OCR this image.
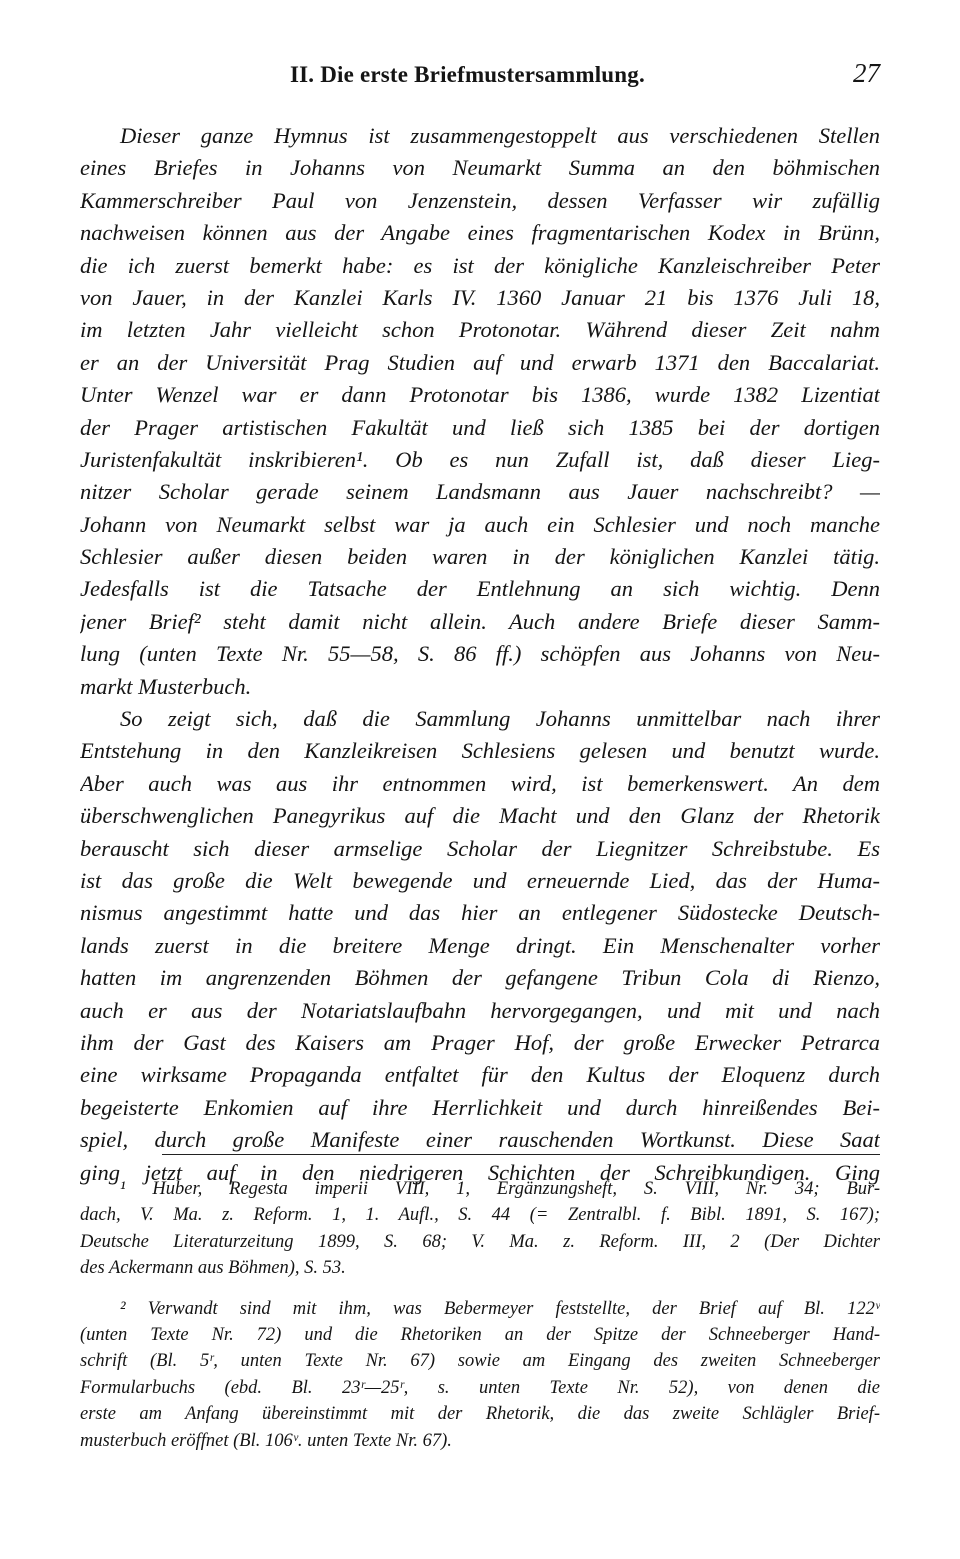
II. Die erste Briefmustersammlung.	27
Dieser ganze Hymnus ist zusammengestoppelt aus verschiedenen Stellen
eines Briefes in Johanns von Neumarkt Summa an den böhmischen
Kammerschreiber Paul von Jenzenstein, dessen Verfasser wir zufällig
nachweisen können aus der Angabe eines fragmentarischen Kodex in Brünn,
die ich zuerst bemerkt habe: es ist der königliche Kanzleischreiber Peter
von Jauer, in der Kanzlei Karls IV. 1360 Januar 21 bis 1376 Juli 18,
im letzten Jahr vielleicht schon Protonotar. Während dieser Zeit nahm
er an der Universität Prag Studien auf und erwarb 1371 den Baccalariat.
Unter Wenzel war er dann Protonotar bis 1386, wurde 1382 Lizentiat
der Prager artistischen Fakultät und ließ sich 1385 bei der dortigen
Juristenfakultät inskribieren¹. Ob es nun Zufall ist, daß dieser Lieg-
nitzer Scholar gerade seinem Landsmann aus Jauer nachschreibt? —
Johann von Neumarkt selbst war ja auch ein Schlesier und noch manche
Schlesier außer diesen beiden waren in der königlichen Kanzlei tätig.
Jedesfalls ist die Tatsache der Entlehnung an sich wichtig. Denn
jener Brief² steht damit nicht allein. Auch andere Briefe dieser Samm-
lung (unten Texte Nr. 55—58, S. 86 ff.) schöpfen aus Johanns von Neu-
markt Musterbuch.
So zeigt sich, daß die Sammlung Johanns unmittelbar nach ihrer
Entstehung in den Kanzleikreisen Schlesiens gelesen und benutzt wurde.
Aber auch was aus ihr entnommen wird, ist bemerkenswert. An dem
überschwenglichen Panegyrikus auf die Macht und den Glanz der Rhetorik
berauscht sich dieser armselige Scholar der Liegnitzer Schreibstube. Es
ist das große die Welt bewegende und erneuernde Lied, das der Huma-
nismus angestimmt hatte und das hier an entlegener Südostecke Deutsch-
lands zuerst in die breitere Menge dringt. Ein Menschenalter vorher
hatten im angrenzenden Böhmen der gefangene Tribun Cola di Rienzo,
auch er aus der Notariatslaufbahn hervorgegangen, und mit und nach
ihm der Gast des Kaisers am Prager Hof, der große Erwecker Petrarca
eine wirksame Propaganda entfaltet für den Kultus der Eloquenz durch
begeisterte Enkomien auf ihre Herrlichkeit und durch hinreißendes Bei-
spiel, durch große Manifeste einer rauschenden Wortkunst. Diese Saat
ging jetzt auf in den niedrigeren Schichten der Schreibkundigen. Ging
¹ Huber, Regesta imperii VIII, 1, Ergänzungsheft, S. VIII, Nr. 34; Bur-
dach, V. Ma. z. Reform. 1, 1. Aufl., S. 44 (= Zentralbl. f. Bibl. 1891, S. 167);
Deutsche Literaturzeitung 1899, S. 68; V. Ma. z. Reform. III, 2 (Der Dichter
des Ackermann aus Böhmen), S. 53.
² Verwandt sind mit ihm, was Bebermeyer feststellte, der Brief auf Bl. 122ᵛ
(unten Texte Nr. 72) und die Rhetoriken an der Spitze der Schneeberger Hand-
schrift (Bl. 5ʳ, unten Texte Nr. 67) sowie am Eingang des zweiten Schneeberger
Formularbuchs (ebd. Bl. 23ʳ—25ʳ, s. unten Texte Nr. 52), von denen die
erste am Anfang übereinstimmt mit der Rhetorik, die das zweite Schlägler Brief-
musterbuch eröffnet (Bl. 106ᵛ. unten Texte Nr. 67).
